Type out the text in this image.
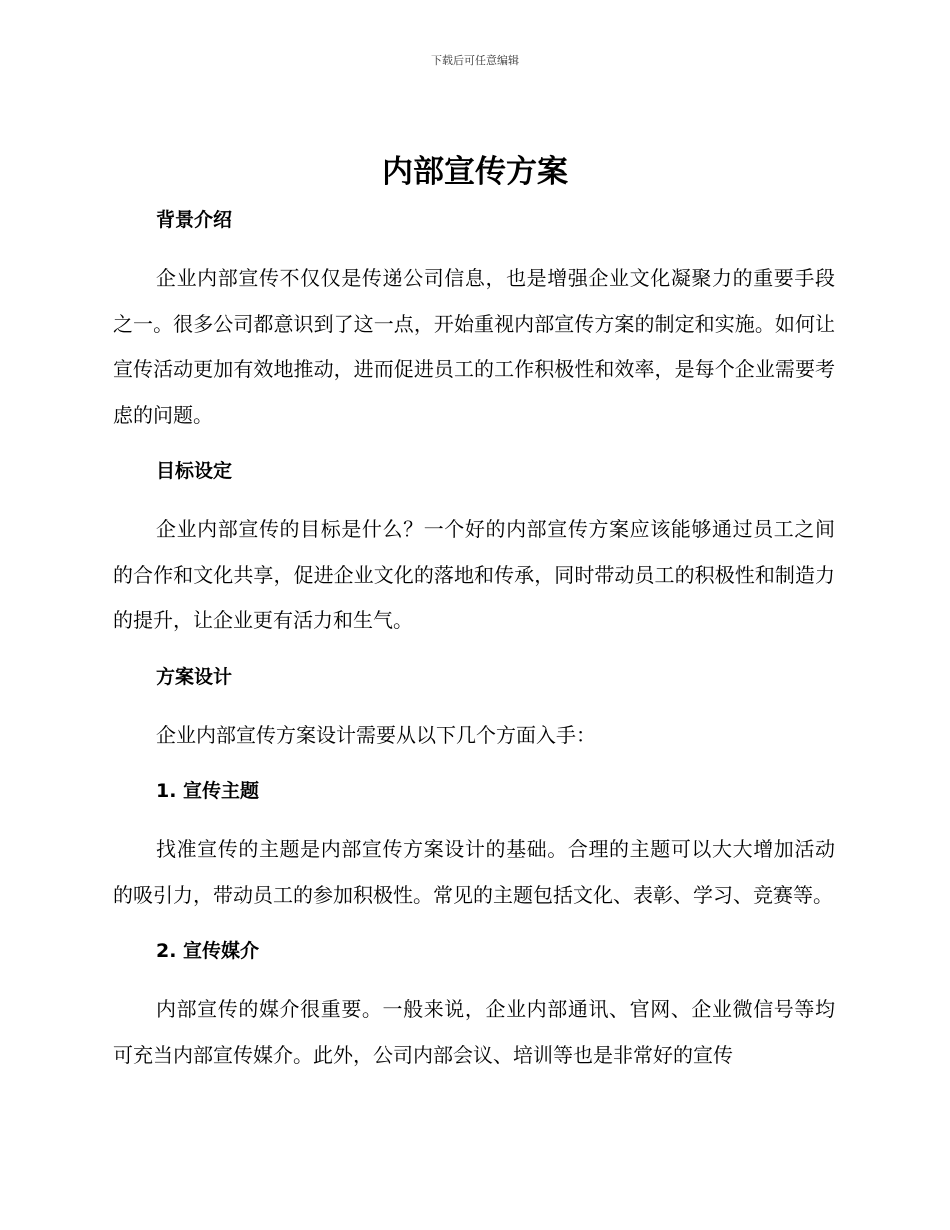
下载后可任意编辑
内部宣传方案
背景介绍

企业内部宣传不仅仅是传递公司信息，也是增强企业文化凝聚力的重要手段之一。很多公司都意识到了这一点，开始重视内部宣传方案的制定和实施。如何让宣传活动更加有效地推动，进而促进员工的工作积极性和效率，是每个企业需要考虑的问题。

目标设定

企业内部宣传的目标是什么？一个好的内部宣传方案应该能够通过员工之间的合作和文化共享，促进企业文化的落地和传承，同时带动员工的积极性和制造力的提升，让企业更有活力和生气。

方案设计

企业内部宣传方案设计需要从以下几个方面入手：

1. 宣传主题

找准宣传的主题是内部宣传方案设计的基础。合理的主题可以大大增加活动的吸引力，带动员工的参加积极性。常见的主题包括文化、表彰、学习、竞赛等。

2. 宣传媒介

内部宣传的媒介很重要。一般来说，企业内部通讯、官网、企业微信号等均可充当内部宣传媒介。此外，公司内部会议、培训等也是非常好的宣传
